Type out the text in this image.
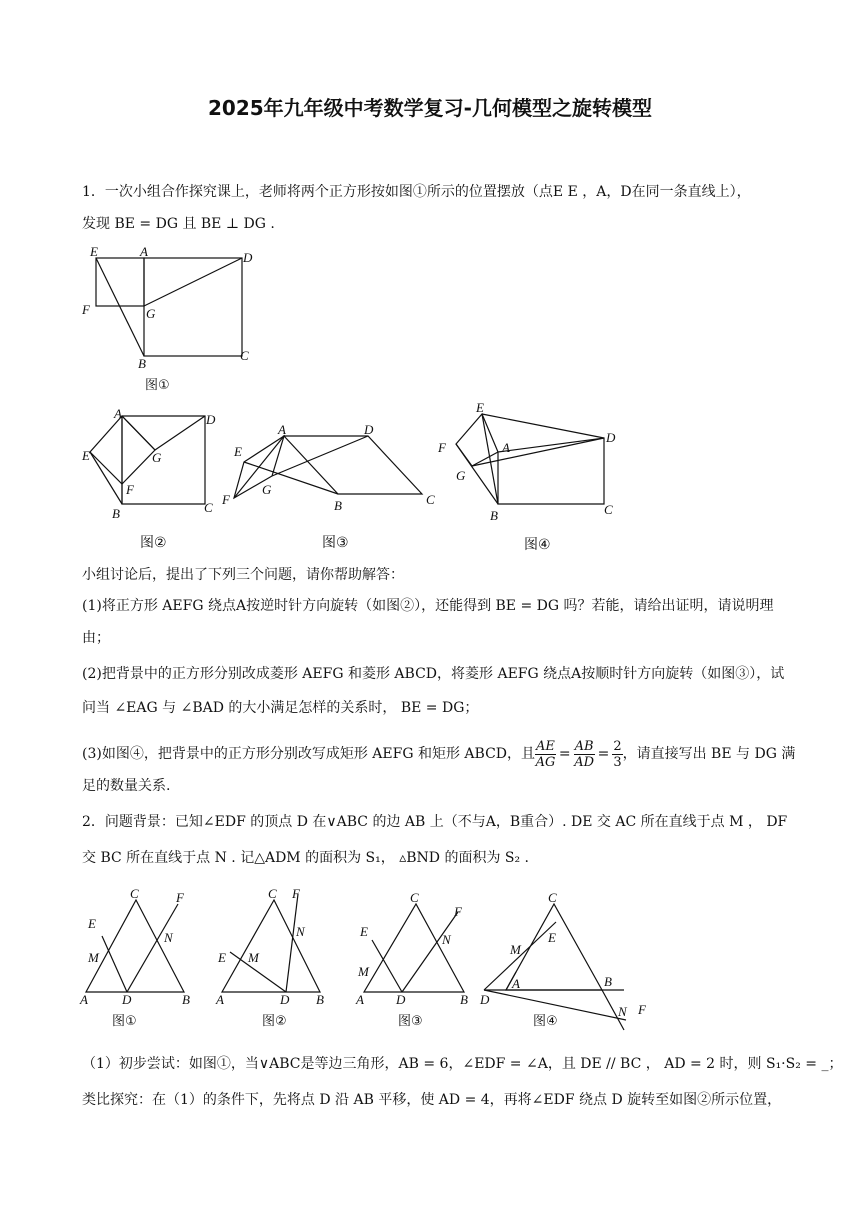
2025年九年级中考数学复习-几何模型之旋转模型
1．一次小组合作探究课上，老师将两个正方形按如图①所示的位置摆放（点E E ，A，D在同一条直线上），
发现 BE = DG 且 BE ⊥ DG .
E	A	D
F	G
B
C
图①
A	D
E	G
F
B	C
图②
A	D
E
G
F	B	C
图③
E
A
D
F
G
B	C
图④
小组讨论后，提出了下列三个问题，请你帮助解答：
(1)将正方形 AEFG 绕点A按逆时针方向旋转（如图②），还能得到 BE = DG 吗？若能，请给出证明，请说明理
由；
(2)把背景中的正方形分别改成菱形 AEFG 和菱形 ABCD，将菱形 AEFG 绕点A按顺时针方向旋转（如图③），试
问当 ∠EAG 与 ∠BAD 的大小满足怎样的关系时， BE = DG；
(3)如图④，把背景中的正方形分别改写成矩形 AEFG 和矩形 ABCD，且 $\frac{AE}{AG} = \frac{AB}{AD} = \frac{2}{3}$ ，请直接写出 BE 与 DG 满
足的数量关系.
2．问题背景：已知∠EDF 的顶点 D 在∨ABC 的边 AB 上（不与A，B重合）. DE 交 AC 所在直线于点 M ， DF
交 BC 所在直线于点 N . 记△ADM 的面积为 S₁， ▵BND 的面积为 S₂ .
C	F
E
M
N
A	D	B
图①
C F
E M
N
A	D B
图②
C
F
E
M
N
A D	B
图③
C
E
M
A	B
D
N F
图④
（1）初步尝试：如图①，当∨ABC是等边三角形，AB = 6，∠EDF = ∠A，且 DE // BC ， AD = 2 时，则 S₁·S₂ = _；
类比探究：在（1）的条件下，先将点 D 沿 AB 平移，使 AD = 4，再将∠EDF 绕点 D 旋转至如图②所示位置，
